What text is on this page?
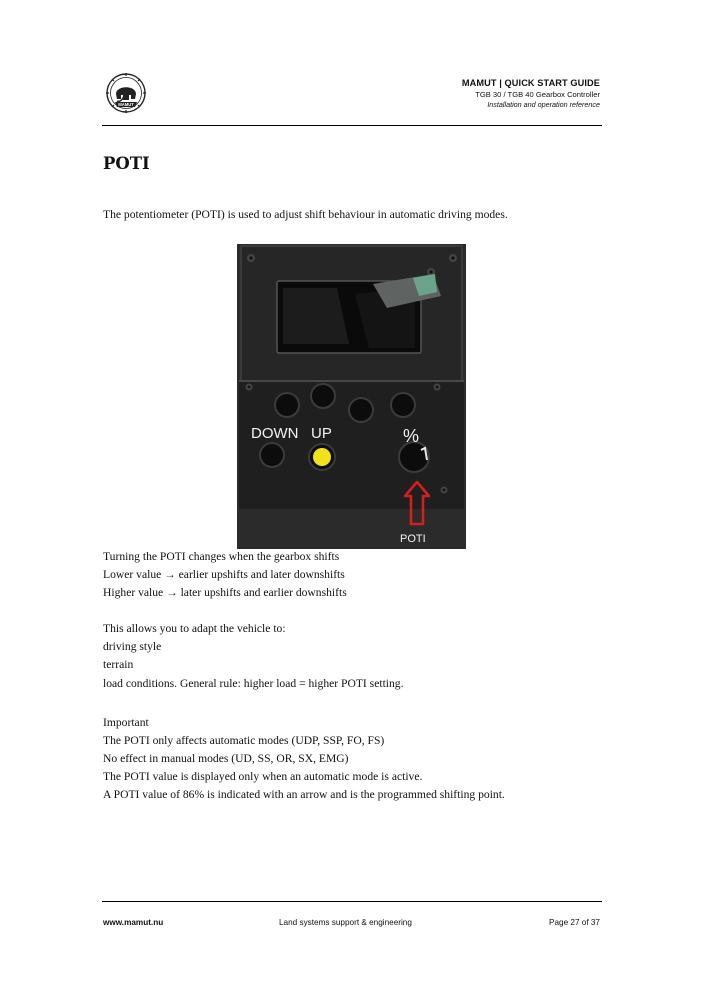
MAMUT
MAMUT | QUICK START GUIDE
TGB 30 / TGB 40 Gearbox Controller
Installation and operation reference
POTI
The potentiometer (POTI) is used to adjust shift behaviour in automatic driving modes.
DOWN UP	%
POTI
Turning the POTI changes when the gearbox shifts
Lower value → earlier upshifts and later downshifts
Higher value → later upshifts and earlier downshifts
This allows you to adapt the vehicle to:
driving style
terrain
load conditions. General rule: higher load = higher POTI setting.
Important
The POTI only affects automatic modes (UDP, SSP, FO, FS)
No effect in manual modes (UD, SS, OR, SX, EMG)
The POTI value is displayed only when an automatic mode is active.
A POTI value of 86% is indicated with an arrow and is the programmed shifting point.
www.mamut.nu	Land systems support & engineering	Page 27 of 37
